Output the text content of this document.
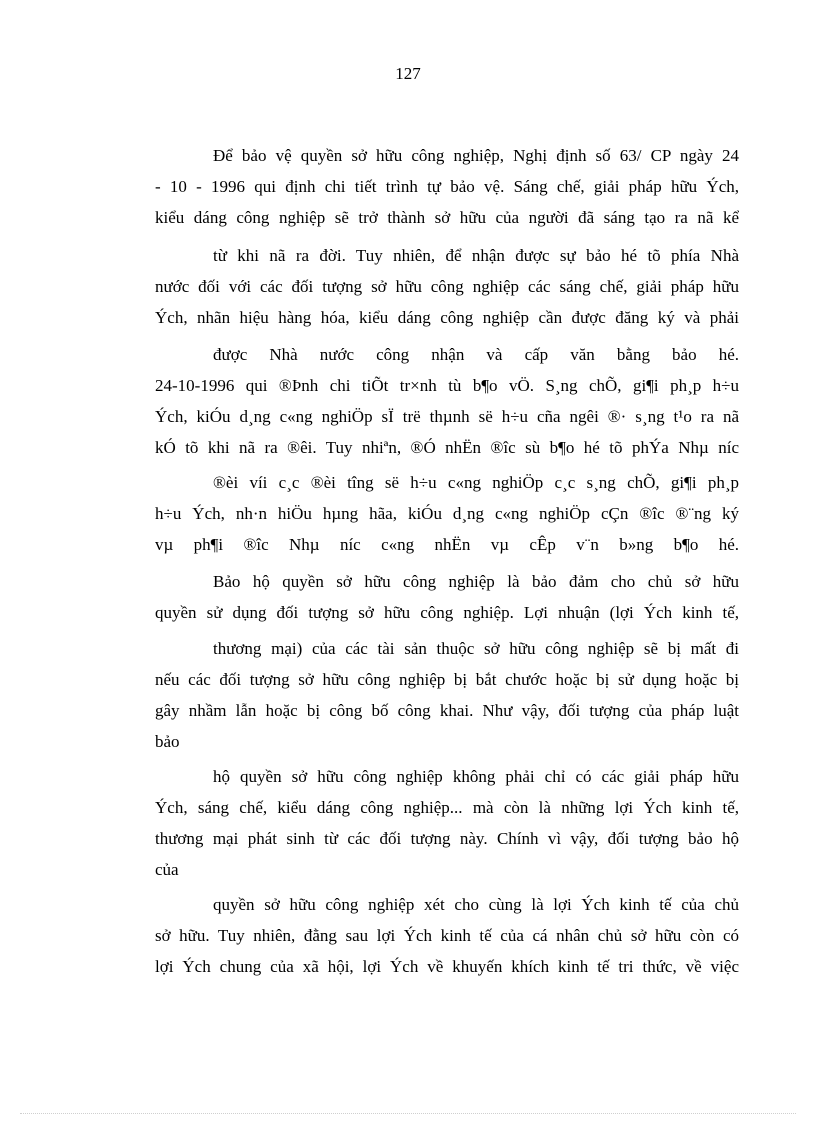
127

Để bảo vệ quyền sở hữu công nghiệp, Nghị định số 63/ CP ngày 24
- 10 - 1996 qui định chi tiết trình tự bảo vệ. Sáng chế, giải pháp hữu Ých,
kiểu dáng công nghiệp sẽ trở thành sở hữu của người đã sáng tạo ra nã kể

từ khi nã ra đời. Tuy nhiên, để nhận được sự bảo hé tõ phía Nhà
nước đối với các đối tượng sở hữu công nghiệp các sáng chế, giải pháp hữu
Ých, nhãn hiệu hàng hóa, kiểu dáng công nghiệp cần được đăng ký và phải

được Nhà nước công nhận và cấp văn bằng bảo hé.
24-10-1996 qui ®Þnh chi tiÕt tr×nh tù b¶o vÖ. S¸ng chÕ, gi¶i ph¸p h÷u
Ých, kiÓu d¸ng c«ng nghiÖp sÏ trë thµnh së h÷u cña ngêi ®· s¸ng t¹o ra nã
kÓ tõ khi nã ra ®êi. Tuy nhiªn, ®Ó nhËn ®îc sù b¶o hé tõ phÝa Nhµ níc

®èi víi c¸c ®èi tîng së h÷u c«ng nghiÖp c¸c s¸ng chÕ, gi¶i ph¸p
h÷u Ých, nh·n hiÖu hµng hãa, kiÓu d¸ng c«ng nghiÖp cÇn ®îc ®¨ng ký
vµ ph¶i ®îc Nhµ níc c«ng nhËn vµ cÊp v¨n b»ng b¶o hé.

Bảo hộ quyền sở hữu công nghiệp là bảo đảm cho chủ sở hữu
quyền sử dụng đối tượng sở hữu công nghiệp. Lợi nhuận (lợi Ých kinh tế,

thương mại) của các tài sản thuộc sở hữu công nghiệp sẽ bị mất đi
nếu các đối tượng sở hữu công nghiệp bị bắt chước hoặc bị sử dụng hoặc bị
gây nhầm lẫn hoặc bị công bố công khai. Như vậy, đối tượng của pháp luật
bảo

hộ quyền sở hữu công nghiệp không phải chỉ có các giải pháp hữu
Ých, sáng chế, kiểu dáng công nghiệp... mà còn là những lợi Ých kinh tế,
thương mại phát sinh từ các đối tượng này. Chính vì vậy, đối tượng bảo hộ
của

quyền sở hữu công nghiệp xét cho cùng là lợi Ých kinh tế của chủ
sở hữu. Tuy nhiên, đằng sau lợi Ých kinh tế của cá nhân chủ sở hữu còn có
lợi Ých chung của xã hội, lợi Ých về khuyến khích kinh tế tri thức, về việc
